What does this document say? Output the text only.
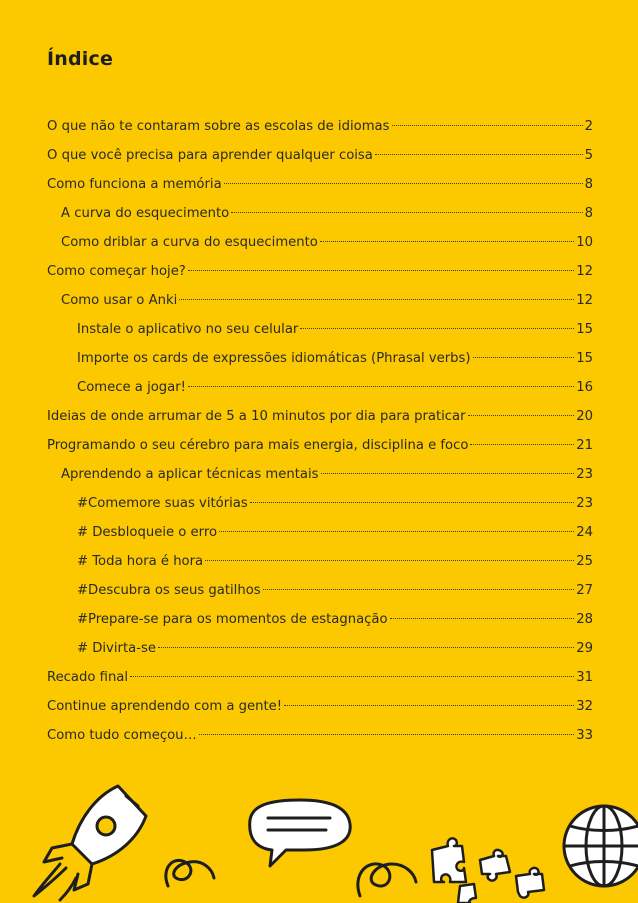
Índice
O que não te contaram sobre as escolas de idiomas	2
O que você precisa para aprender qualquer coisa	5
Como funciona a memória	8
A curva do esquecimento	8
Como driblar a curva do esquecimento	10
Como começar hoje?	12
Como usar o Anki	12
Instale o aplicativo no seu celular	15
Importe os cards de expressões idiomáticas (Phrasal verbs)	15
Comece a jogar!	16
Ideias de onde arrumar de 5 a 10 minutos por dia para praticar	20
Programando o seu cérebro para mais energia, disciplina e foco	21
Aprendendo a aplicar técnicas mentais	23
#Comemore suas vitórias	23
# Desbloqueie o erro	24
# Toda hora é hora	25
#Descubra os seus gatilhos	27
#Prepare-se para os momentos de estagnação	28
# Divirta-se	29
Recado final	31
Continue aprendendo com a gente!	32
Como tudo começou…	33
